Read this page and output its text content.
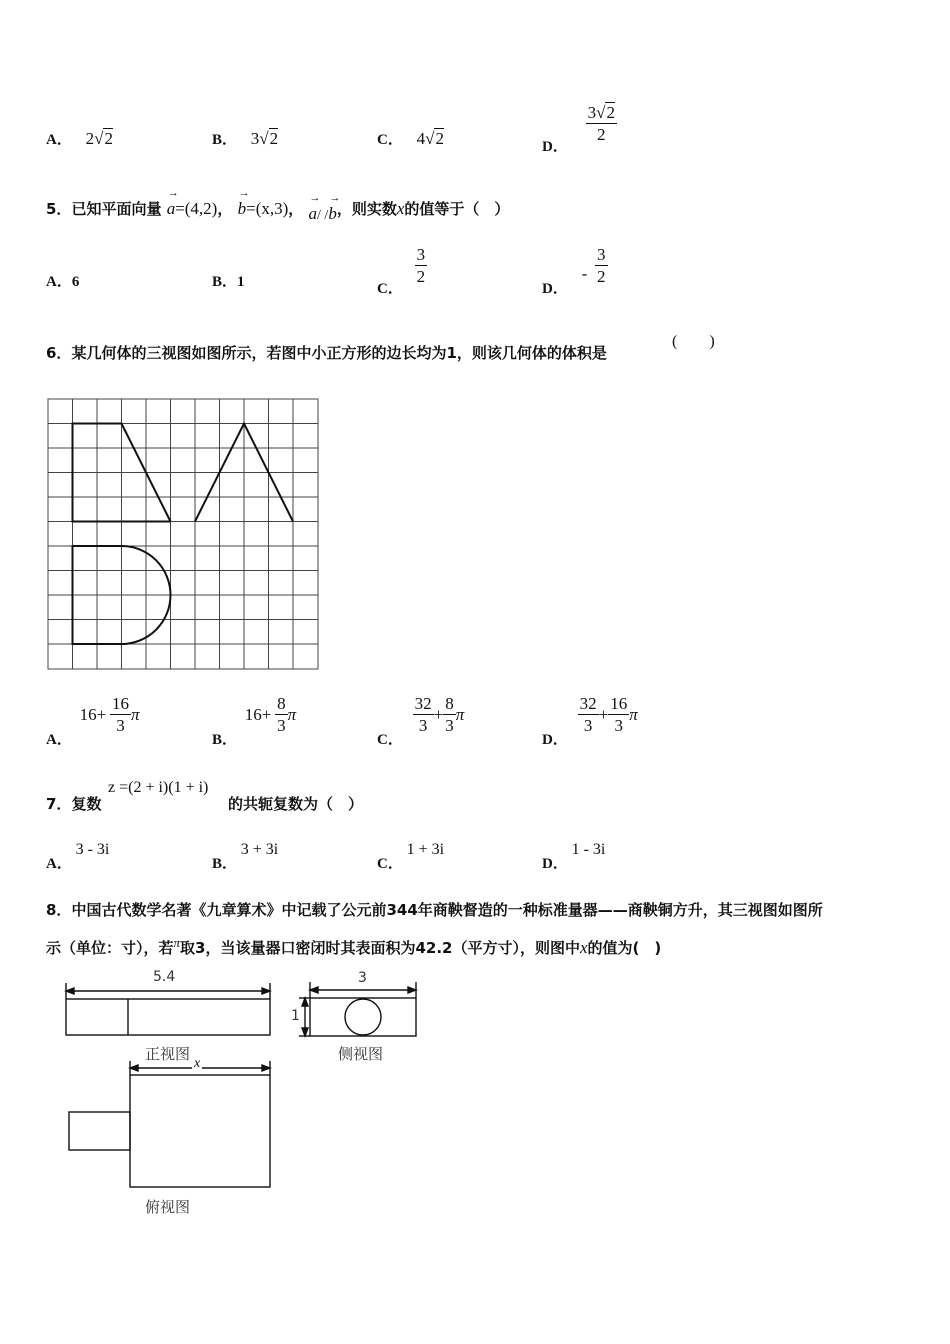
A． 2√2	B． 3√2	C． 4√2	D．
$\frac{3√2}{2}$
5．已知平面向量
→
a=(4,2)，
→
b=(x,3)，
→
a/ /
→
b，则实数x的值等于（　）
A．6	B．1	C．
$\frac{3}{2}$
D． - $\frac{3}{2}$
6．某几何体的三视图如图所示，若图中小正方形的边长均为1，则该几何体的体积是
(　　)
A． $16+ \frac{16}{3}$ π
B． $16+ \frac{8}{3}$ π
C．
$\frac{32}{3} + \frac{8}{3}$ π
D．
$\frac{32}{3} + \frac{16}{3}$ π
7．复数
z =(2 + i)(1 + i)
的共轭复数为（　）
A． 3 - 3i
B． 3 + 3i
C． 1 + 3i
D． 1 - 3i
8．中国古代数学名著《九章算术》中记载了公元前344年商鞅督造的一种标准量器——商鞅铜方升，其三视图如图所
示（单位：寸），若π取3，当该量器口密闭时其表面积为42.2（平方寸），则图中x的值为(　)
5.4	3
1
x
正视图	侧视图
俯视图
